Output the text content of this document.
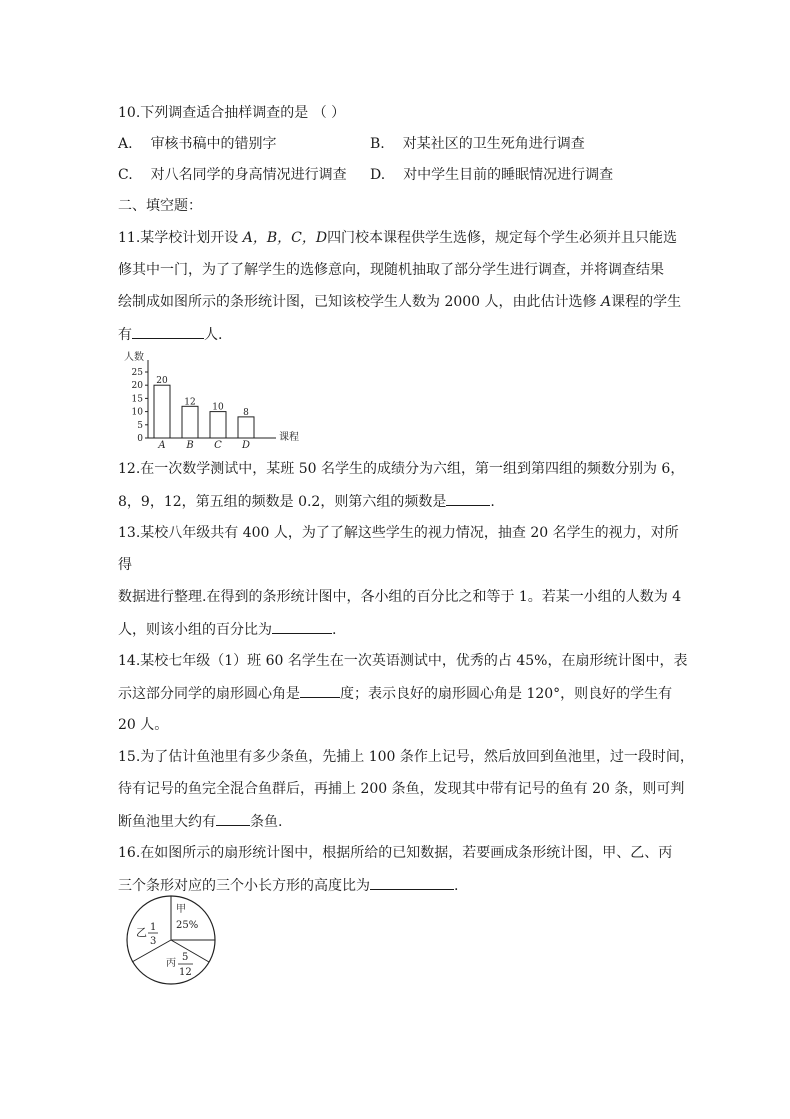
10.下列调查适合抽样调查的是 （ ）
A. 审核书稿中的错别字	B. 对某社区的卫生死角进行调查
C. 对八名同学的身高情况进行调查 D. 对中学生目前的睡眠情况进行调查
二、填空题：
11.某学校计划开设 A，B，C，D四门校本课程供学生选修，规定每个学生必须并且只能选
修其中一门，为了了解学生的选修意向，现随机抽取了部分学生进行调查，并将调查结果
绘制成如图所示的条形统计图，已知该校学生人数为 2000 人，由此估计选修 A课程的学生
有	人.
人数
课程
0
5
10
15
20
25
20
A
12
B
10
C
8
D
12.在一次数学测试中，某班 50 名学生的成绩分为六组，第一组到第四组的频数分别为 6，
8，9，12，第五组的频数是 0.2，则第六组的频数是	.
13.某校八年级共有 400 人，为了了解这些学生的视力情况，抽查 20 名学生的视力，对所
得
数据进行整理.在得到的条形统计图中，各小组的百分比之和等于 1。若某一小组的人数为 4
人，则该小组的百分比为	.
14.某校七年级（1）班 60 名学生在一次英语测试中，优秀的占 45%，在扇形统计图中，表
示这部分同学的扇形圆心角是	度；表示良好的扇形圆心角是 120°，则良好的学生有
20 人。
15.为了估计鱼池里有多少条鱼，先捕上 100 条作上记号，然后放回到鱼池里，过一段时间，
待有记号的鱼完全混合鱼群后，再捕上 200 条鱼，发现其中带有记号的鱼有 20 条，则可判
断鱼池里大约有 条鱼.
16.在如图所示的扇形统计图中，根据所给的已知数据，若要画成条形统计图，甲、乙、丙
三个条形对应的三个小长方形的高度比为	.
甲
25%
乙 1
3
丙
5
12
